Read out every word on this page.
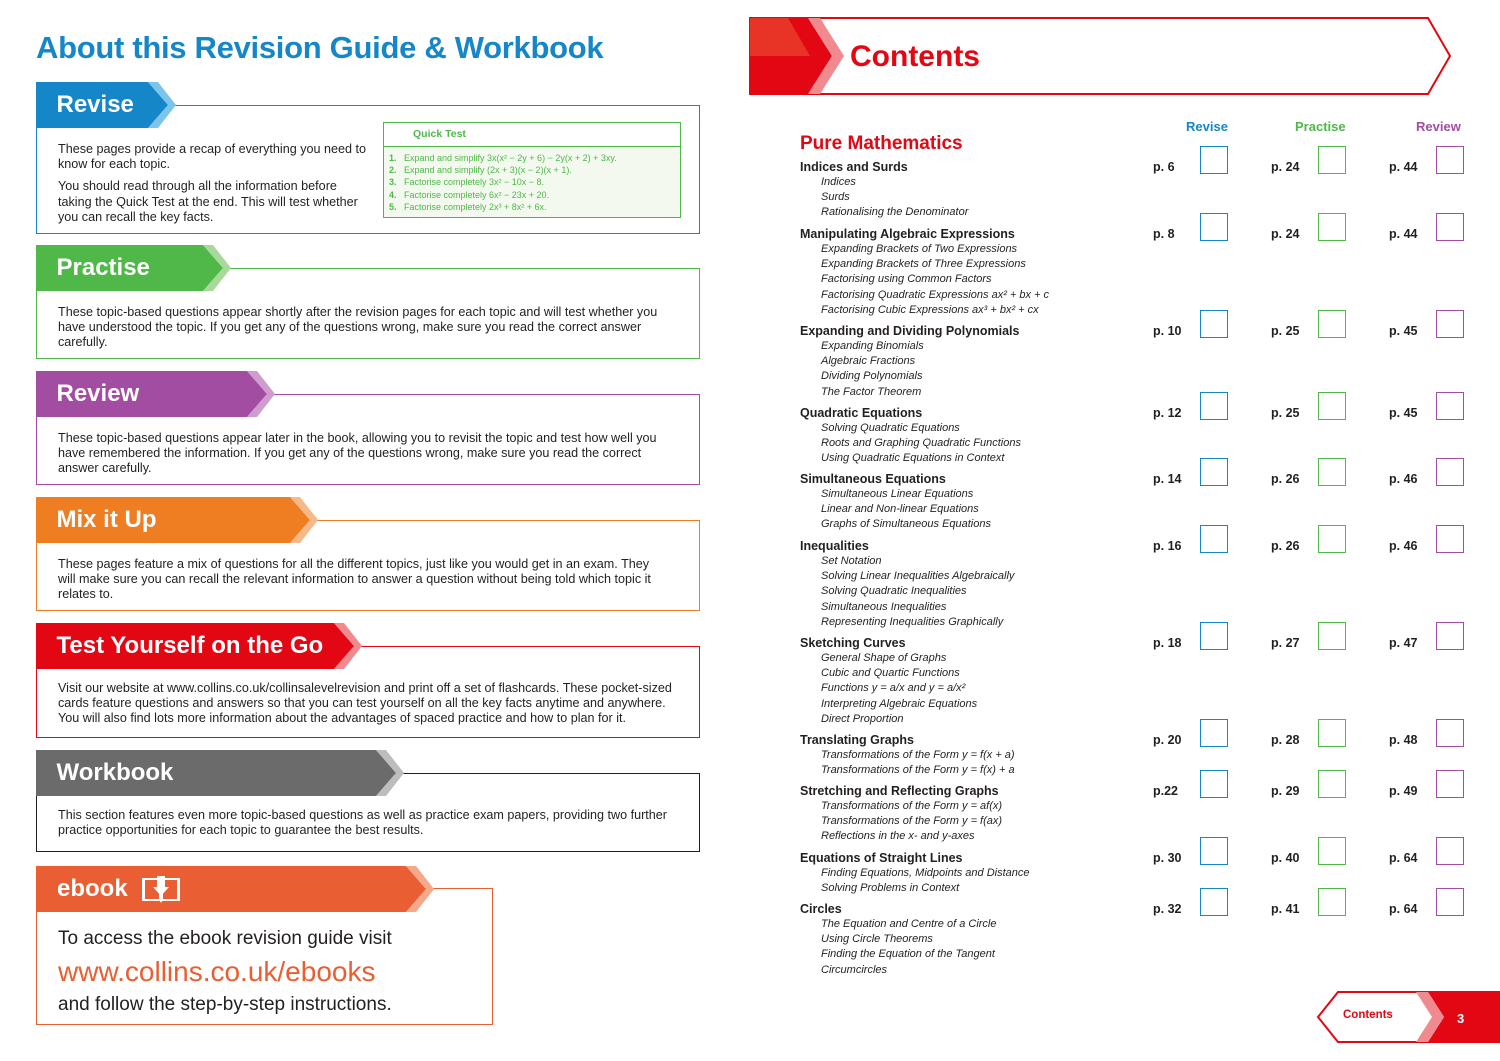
About this Revision Guide & Workbook
Revise

These pages provide a recap of everything you need to know for each topic.

You should read through all the information before taking the Quick Test at the end. This will test whether you can recall the key facts.

Quick Test
1. Expand and simplify 3x(x² − 2y + 6) − 2y(x + 2) + 3xy.
2. Expand and simplify (2x + 3)(x − 2)(x + 1).
3. Factorise completely 3x² − 10x − 8.
4. Factorise completely 6x² − 23x + 20.
5. Factorise completely 2x³ + 8x² + 6x.
Practise

These topic-based questions appear shortly after the revision pages for each topic and will test whether you have understood the topic. If you get any of the questions wrong, make sure you read the correct answer carefully.

Review

These topic-based questions appear later in the book, allowing you to revisit the topic and test how well you have remembered the information. If you get any of the questions wrong, make sure you read the correct answer carefully.

Mix it Up

These pages feature a mix of questions for all the different topics, just like you would get in an exam. They will make sure you can recall the relevant information to answer a question without being told which topic it relates to.

Test Yourself on the Go

Visit our website at www.collins.co.uk/collinsalevelrevision and print off a set of flashcards. These pocket-sized cards feature questions and answers so that you can test yourself on all the key facts anytime and anywhere. You will also find lots more information about the advantages of spaced practice and how to plan for it.

Workbook

This section features even more topic-based questions as well as practice exam papers, providing two further practice opportunities for each topic to guarantee the best results.

To access the ebook revision guide visit
www.collins.co.uk/ebooks
and follow the step-by-step instructions.
ebook
Contents
Revise	Practise	Review
Pure Mathematics
Indices and Surds
Indices
Surds
Rationalising the Denominator
p. 6	p. 24	p. 44
Manipulating Algebraic Expressions
Expanding Brackets of Two Expressions
Expanding Brackets of Three Expressions
Factorising using Common Factors
Factorising Quadratic Expressions ax² + bx + c
Factorising Cubic Expressions ax³ + bx² + cx
p. 8	p. 24	p. 44
Expanding and Dividing Polynomials
Expanding Binomials
Algebraic Fractions
Dividing Polynomials
The Factor Theorem
p. 10	p. 25	p. 45
Quadratic Equations
Solving Quadratic Equations
Roots and Graphing Quadratic Functions
Using Quadratic Equations in Context
p. 12	p. 25	p. 45
Simultaneous Equations
Simultaneous Linear Equations
Linear and Non-linear Equations
Graphs of Simultaneous Equations
p. 14	p. 26	p. 46
Inequalities
Set Notation
Solving Linear Inequalities Algebraically
Solving Quadratic Inequalities
Simultaneous Inequalities
Representing Inequalities Graphically
p. 16	p. 26	p. 46
Sketching Curves
General Shape of Graphs
Cubic and Quartic Functions
Functions y = a/x and y = a/x²
Interpreting Algebraic Equations
Direct Proportion
p. 18	p. 27	p. 47
Translating Graphs
Transformations of the Form y = f(x + a)
Transformations of the Form y = f(x) + a
p. 20	p. 28	p. 48
Stretching and Reflecting Graphs
Transformations of the Form y = af(x)
Transformations of the Form y = f(ax)
Reflections in the x- and y-axes
p.22	p. 29	p. 49
Equations of Straight Lines
Finding Equations, Midpoints and Distance
Solving Problems in Context
p. 30	p. 40	p. 64
Circles
The Equation and Centre of a Circle
Using Circle Theorems
Finding the Equation of the Tangent
Circumcircles
p. 32	p. 41	p. 64
Contents	3
